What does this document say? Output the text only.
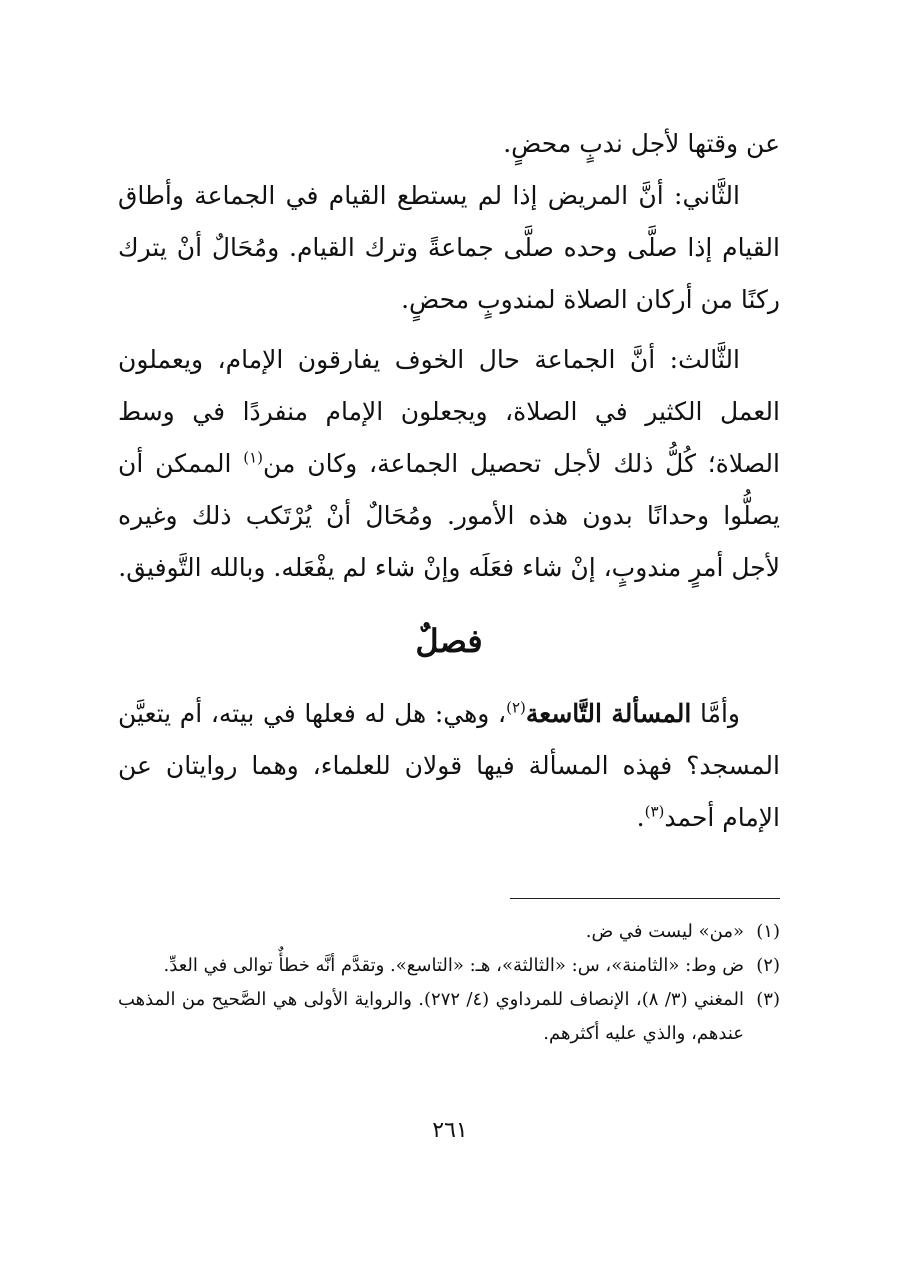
عن وقتها لأجل ندبٍ محضٍ.

الثَّاني: أنَّ المريض إذا لم يستطع القيام في الجماعة وأطاق القيام إذا صلَّى وحده صلَّى جماعةً وترك القيام. ومُحَالٌ أنْ يترك ركنًا من أركان الصلاة لمندوبٍ محضٍ.

الثَّالث: أنَّ الجماعة حال الخوف يفارقون الإمام، ويعملون العمل الكثير في الصلاة، ويجعلون الإمام منفردًا في وسط الصلاة؛ كُلُّ ذلك لأجل تحصيل الجماعة، وكان من$^{(١)}$ الممكن أن يصلُّوا وحدانًا بدون هذه الأمور. ومُحَالٌ أنْ يُرْتَكب ذلك وغيره لأجل أمرٍ مندوبٍ، إنْ شاء فعَلَه وإنْ شاء لم يفْعَله. وبالله التَّوفيق.

فصلٌ

وأمَّا المسألة التَّاسعة$^{(٢)}$، وهي: هل له فعلها في بيته، أم يتعيَّن المسجد؟ فهذه المسألة فيها قولان للعلماء، وهما روايتان عن الإمام أحمد$^{(٣)}$.

(١)
«من» ليست في ض.
(٢)
ض وط: «الثامنة»، س: «الثالثة»، هـ: «التاسع». وتقدَّم أنَّه خطأٌ توالى في العدِّ.
(٣)
المغني (٣/ ٨)، الإنصاف للمرداوي (٤/ ٢٧٢). والرواية الأولى هي الصَّحيح من المذهب عندهم، والذي عليه أكثرهم.
٢٦١
